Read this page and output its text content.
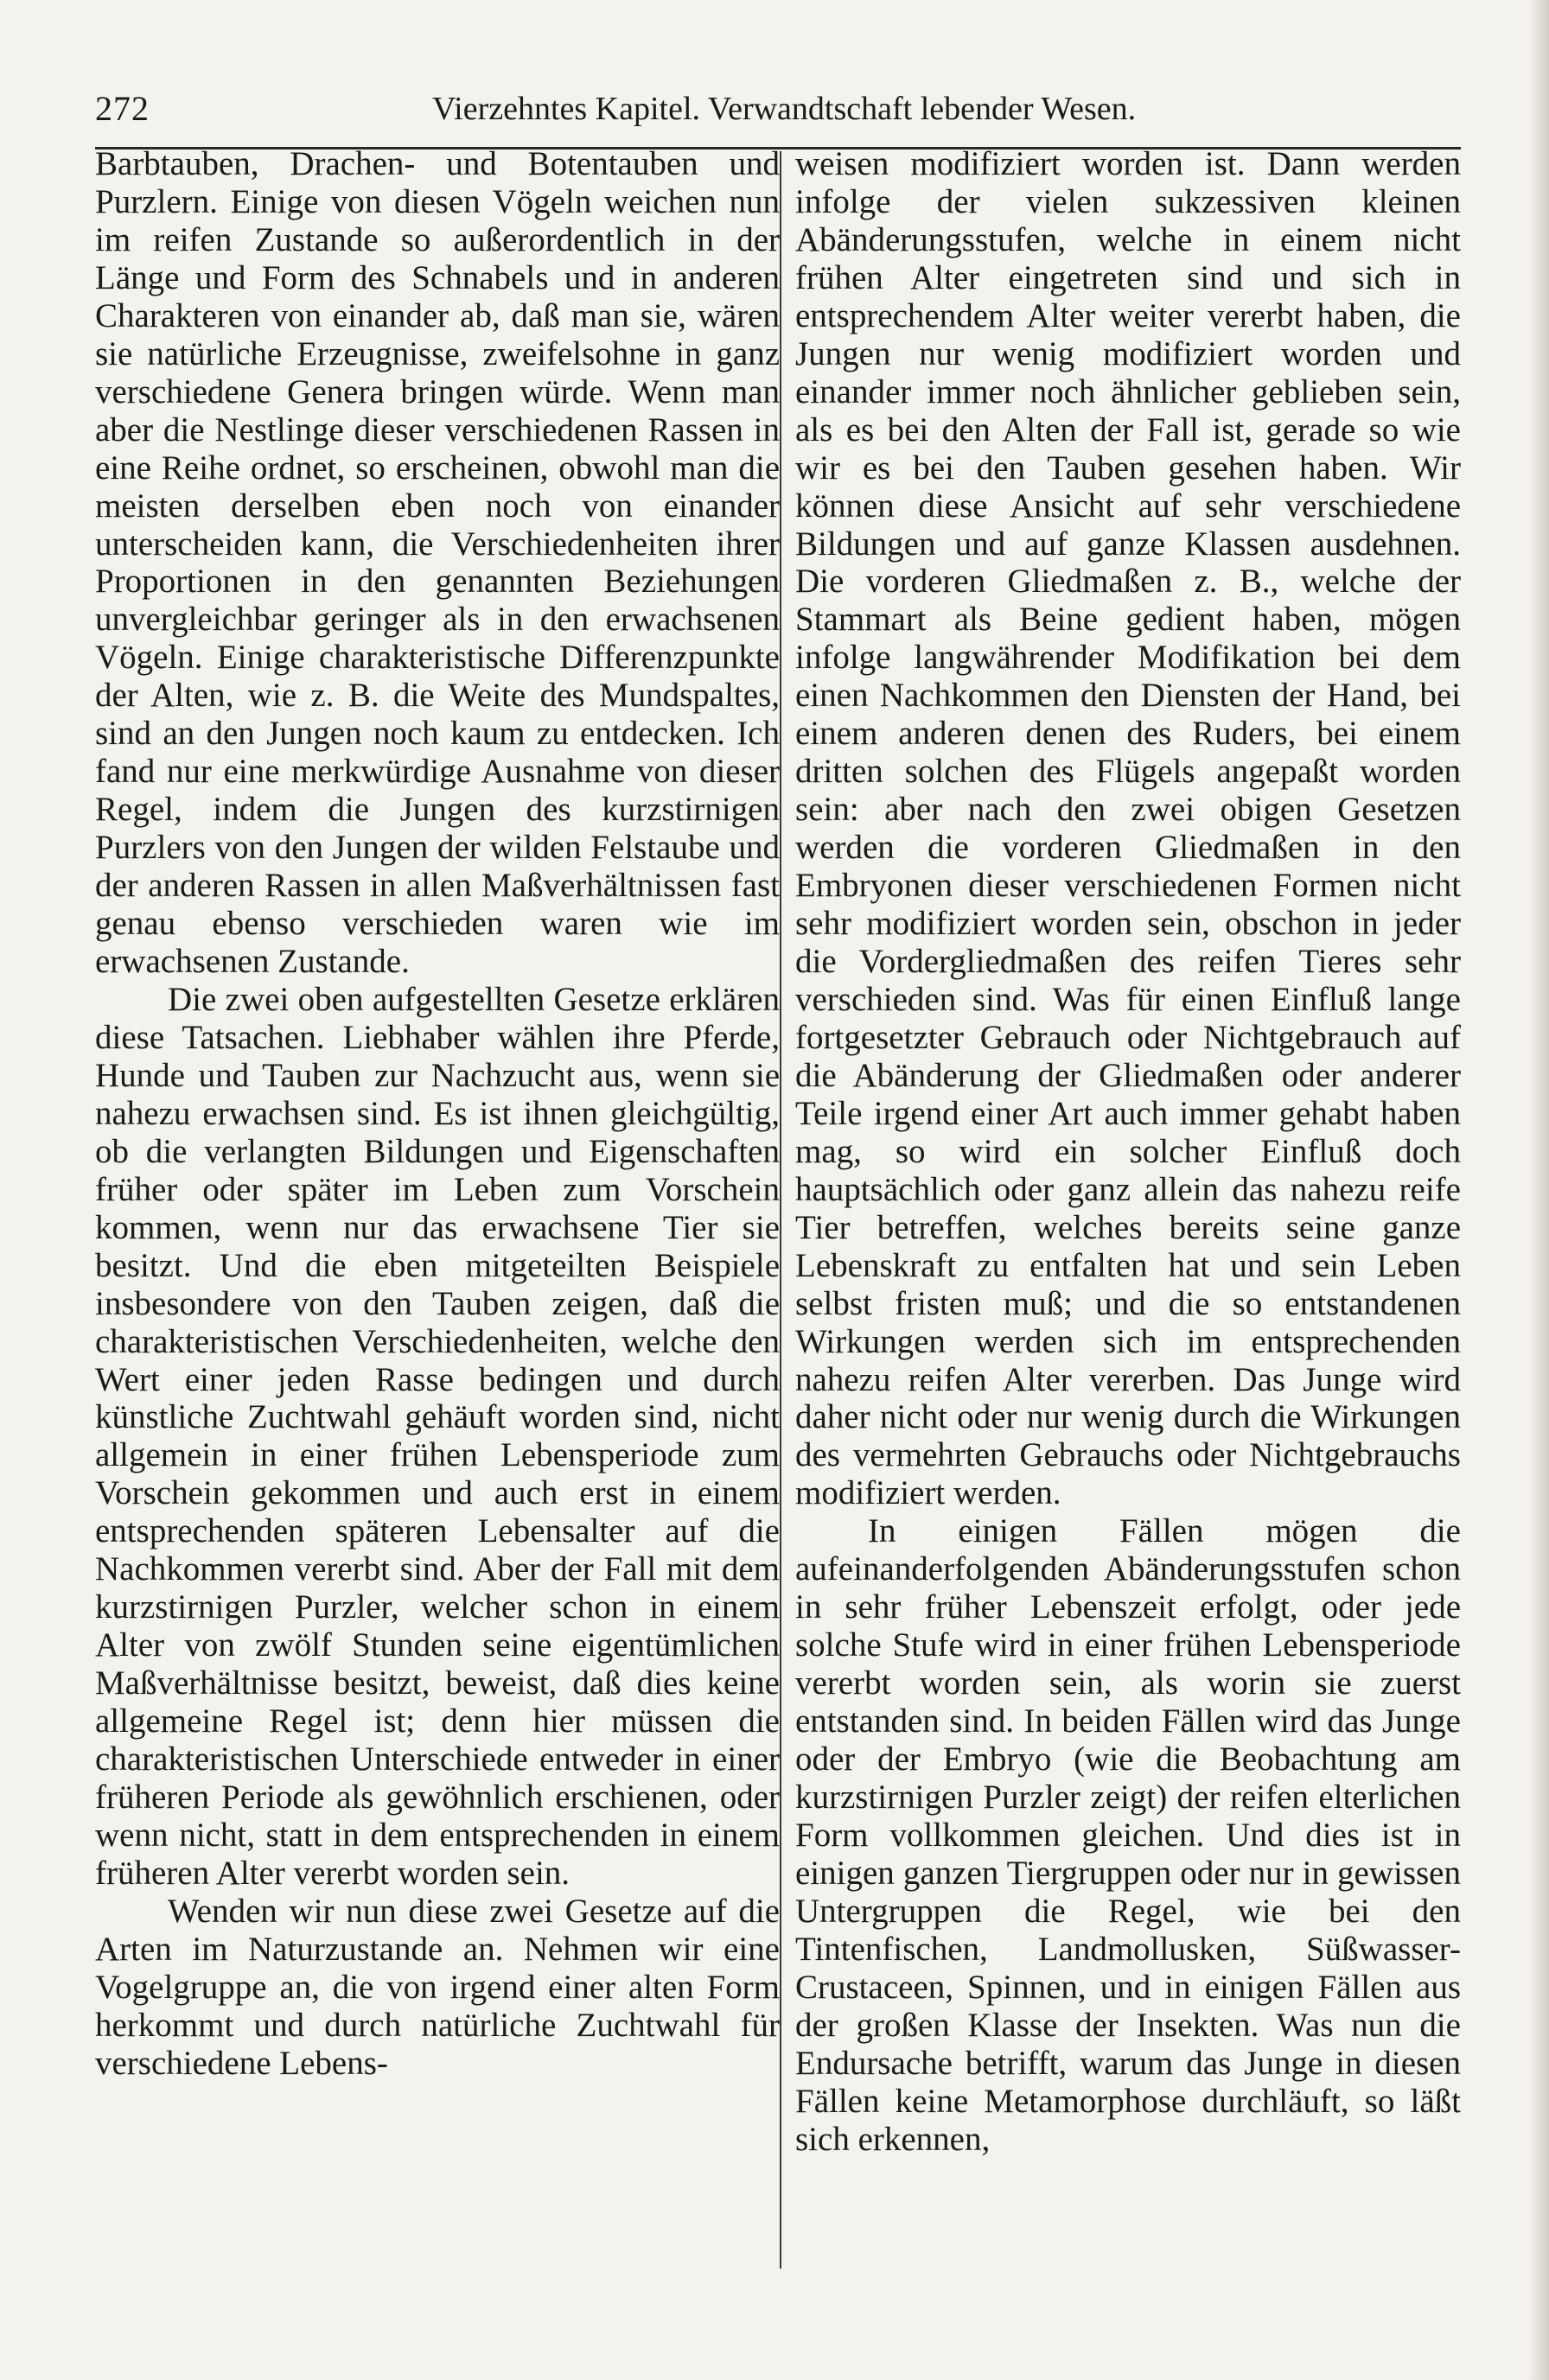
272	Vierzehntes Kapitel. Verwandtschaft lebender Wesen.

Barbtauben, Drachen- und Botentauben und Purzlern. Einige von diesen Vögeln weichen nun im reifen Zustande so außerordentlich in der Länge und Form des Schnabels und in anderen Charakteren von einander ab, daß man sie, wären sie natürliche Erzeugnisse, zweifelsohne in ganz verschiedene Genera bringen würde. Wenn man aber die Nestlinge dieser verschiedenen Rassen in eine Reihe ordnet, so erscheinen, obwohl man die meisten derselben eben noch von einander unterscheiden kann, die Verschiedenheiten ihrer Proportionen in den genannten Beziehungen unvergleichbar geringer als in den erwachsenen Vögeln. Einige charakteristische Differenzpunkte der Alten, wie z. B. die Weite des Mundspaltes, sind an den Jungen noch kaum zu entdecken. Ich fand nur eine merkwürdige Ausnahme von dieser Regel, indem die Jungen des kurzstirnigen Purzlers von den Jungen der wilden Felstaube und der anderen Rassen in allen Maßverhältnissen fast genau ebenso verschieden waren wie im erwachsenen Zustande.

Die zwei oben aufgestellten Gesetze erklären diese Tatsachen. Liebhaber wählen ihre Pferde, Hunde und Tauben zur Nachzucht aus, wenn sie nahezu erwachsen sind. Es ist ihnen gleichgültig, ob die verlangten Bildungen und Eigenschaften früher oder später im Leben zum Vorschein kommen, wenn nur das erwachsene Tier sie besitzt. Und die eben mitgeteilten Beispiele insbesondere von den Tauben zeigen, daß die charakteristischen Verschiedenheiten, welche den Wert einer jeden Rasse bedingen und durch künstliche Zuchtwahl gehäuft worden sind, nicht allgemein in einer frühen Lebensperiode zum Vorschein gekommen und auch erst in einem entsprechenden späteren Lebensalter auf die Nachkommen vererbt sind. Aber der Fall mit dem kurzstirnigen Purzler, welcher schon in einem Alter von zwölf Stunden seine eigentümlichen Maßverhältnisse besitzt, beweist, daß dies keine allgemeine Regel ist; denn hier müssen die charakteristischen Unterschiede entweder in einer früheren Periode als gewöhnlich erschienen, oder wenn nicht, statt in dem entsprechenden in einem früheren Alter vererbt worden sein.

Wenden wir nun diese zwei Gesetze auf die Arten im Naturzustande an. Nehmen wir eine Vogelgruppe an, die von irgend einer alten Form herkommt und durch natürliche Zuchtwahl für verschiedene Lebens-

weisen modifiziert worden ist. Dann werden infolge der vielen sukzessiven kleinen Abänderungsstufen, welche in einem nicht frühen Alter eingetreten sind und sich in entsprechendem Alter weiter vererbt haben, die Jungen nur wenig modifiziert worden und einander immer noch ähnlicher geblieben sein, als es bei den Alten der Fall ist, gerade so wie wir es bei den Tauben gesehen haben. Wir können diese Ansicht auf sehr verschiedene Bildungen und auf ganze Klassen ausdehnen. Die vorderen Gliedmaßen z. B., welche der Stammart als Beine gedient haben, mögen infolge langwährender Modifikation bei dem einen Nachkommen den Diensten der Hand, bei einem anderen denen des Ruders, bei einem dritten solchen des Flügels angepaßt worden sein: aber nach den zwei obigen Gesetzen werden die vorderen Gliedmaßen in den Embryonen dieser verschiedenen Formen nicht sehr modifiziert worden sein, obschon in jeder die Vordergliedmaßen des reifen Tieres sehr verschieden sind. Was für einen Einfluß lange fortgesetzter Gebrauch oder Nichtgebrauch auf die Abänderung der Gliedmaßen oder anderer Teile irgend einer Art auch immer gehabt haben mag, so wird ein solcher Einfluß doch hauptsächlich oder ganz allein das nahezu reife Tier betreffen, welches bereits seine ganze Lebenskraft zu entfalten hat und sein Leben selbst fristen muß; und die so entstandenen Wirkungen werden sich im entsprechenden nahezu reifen Alter vererben. Das Junge wird daher nicht oder nur wenig durch die Wirkungen des vermehrten Gebrauchs oder Nichtgebrauchs modifiziert werden.

In einigen Fällen mögen die aufeinanderfolgenden Abänderungsstufen schon in sehr früher Lebenszeit erfolgt, oder jede solche Stufe wird in einer frühen Lebensperiode vererbt worden sein, als worin sie zuerst entstanden sind. In beiden Fällen wird das Junge oder der Embryo (wie die Beobachtung am kurzstirnigen Purzler zeigt) der reifen elterlichen Form vollkommen gleichen. Und dies ist in einigen ganzen Tiergruppen oder nur in gewissen Untergruppen die Regel, wie bei den Tintenfischen, Landmollusken, Süßwasser-Crustaceen, Spinnen, und in einigen Fällen aus der großen Klasse der Insekten. Was nun die Endursache betrifft, warum das Junge in diesen Fällen keine Metamorphose durchläuft, so läßt sich erkennen,
